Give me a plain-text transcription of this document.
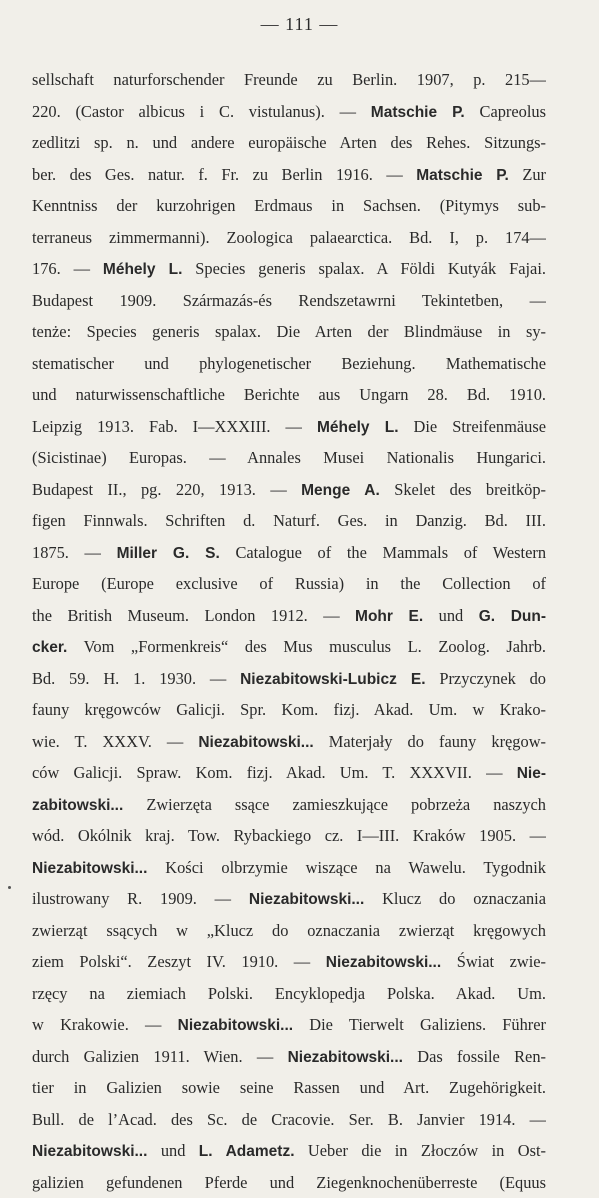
— 111 —
sellschaft naturforschender Freunde zu Berlin. 1907, p. 215—
220. (Castor albicus i C. vistulanus). — Matschie P. Capreolus
zedlitzi sp. n. und andere europäische Arten des Rehes. Sitzungs-
ber. des Ges. natur. f. Fr. zu Berlin 1916. — Matschie P. Zur
Kenntniss der kurzohrigen Erdmaus in Sachsen. (Pitymys sub-
terraneus zimmermanni). Zoologica palaearctica. Bd. I, p. 174—
176. — Méhely L. Species generis spalax. A Földi Kutyák Fajai.
Budapest 1909. Származás-és Rendszetawrni Tekintetben, —
tenże: Species generis spalax. Die Arten der Blindmäuse in sy-
stematischer und phylogenetischer Beziehung. Mathematische
und naturwissenschaftliche Berichte aus Ungarn 28. Bd. 1910.
Leipzig 1913. Fab. I—XXXIII. — Méhely L. Die Streifenmäuse
(Sicistinae) Europas. — Annales Musei Nationalis Hungarici.
Budapest II., pg. 220, 1913. — Menge A. Skelet des breitköp-
figen Finnwals. Schriften d. Naturf. Ges. in Danzig. Bd. III.
1875. — Miller G. S. Catalogue of the Mammals of Western
Europe (Europe exclusive of Russia) in the Collection of
the British Museum. London 1912. — Mohr E. und G. Dun-
cker. Vom „Formenkreis“ des Mus musculus L. Zoolog. Jahrb.
Bd. 59. H. 1. 1930. — Niezabitowski-Lubicz E. Przyczynek do
fauny kręgowców Galicji. Spr. Kom. fizj. Akad. Um. w Krako-
wie. T. XXXV. — Niezabitowski... Materjały do fauny kręgow-
ców Galicji. Spraw. Kom. fizj. Akad. Um. T. XXXVII. — Nie-
zabitowski... Zwierzęta ssące zamieszkujące pobrzeża naszych
wód. Okólnik kraj. Tow. Rybackiego cz. I—III. Kraków 1905. —
Niezabitowski... Kości olbrzymie wiszące na Wawelu. Tygodnik
ilustrowany R. 1909. — Niezabitowski... Klucz do oznaczania
zwierząt ssących w „Klucz do oznaczania zwierząt kręgowych
ziem Polski“. Zeszyt IV. 1910. — Niezabitowski... Świat zwie-
rzęcy na ziemiach Polski. Encyklopedja Polska. Akad. Um.
w Krakowie. — Niezabitowski... Die Tierwelt Galiziens. Führer
durch Galizien 1911. Wien. — Niezabitowski... Das fossile Ren-
tier in Galizien sowie seine Rassen und Art. Zugehörigkeit.
Bull. de l’Acad. des Sc. de Cracovie. Ser. B. Janvier 1914. —
Niezabitowski... und L. Adametz. Ueber die in Złoczów in Ost-
galizien gefundenen Pferde und Ziegenknochenüberreste (Equus
